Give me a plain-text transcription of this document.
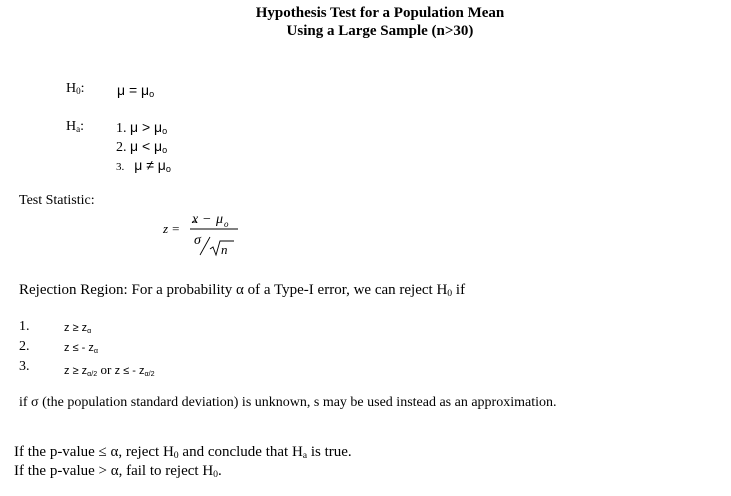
Hypothesis Test for a Population Mean
Using a Large Sample (n>30)
$H_0$: $\mu = \mu_o$
$H_a$: 1. $\mu > \mu_o$
2. $\mu < \mu_o$
3. $\mu \ne \mu_o$
Test Statistic:
z =
x − μ o
σ
n
Rejection Region: For a probability α of a Type-I error, we can reject $H_0$ if
1.	$z \ge z_\alpha$
2.	z ≤ - $z_\alpha$
3.	$z \ge z_{\alpha/2}$ or z ≤ - $z_{\alpha/2}$
if σ (the population standard deviation) is unknown, s may be used instead as an approximation.
If the p-value ≤ α, reject $H_0$ and conclude that $H_a$ is true.
If the p-value > α, fail to reject $H_0$.
